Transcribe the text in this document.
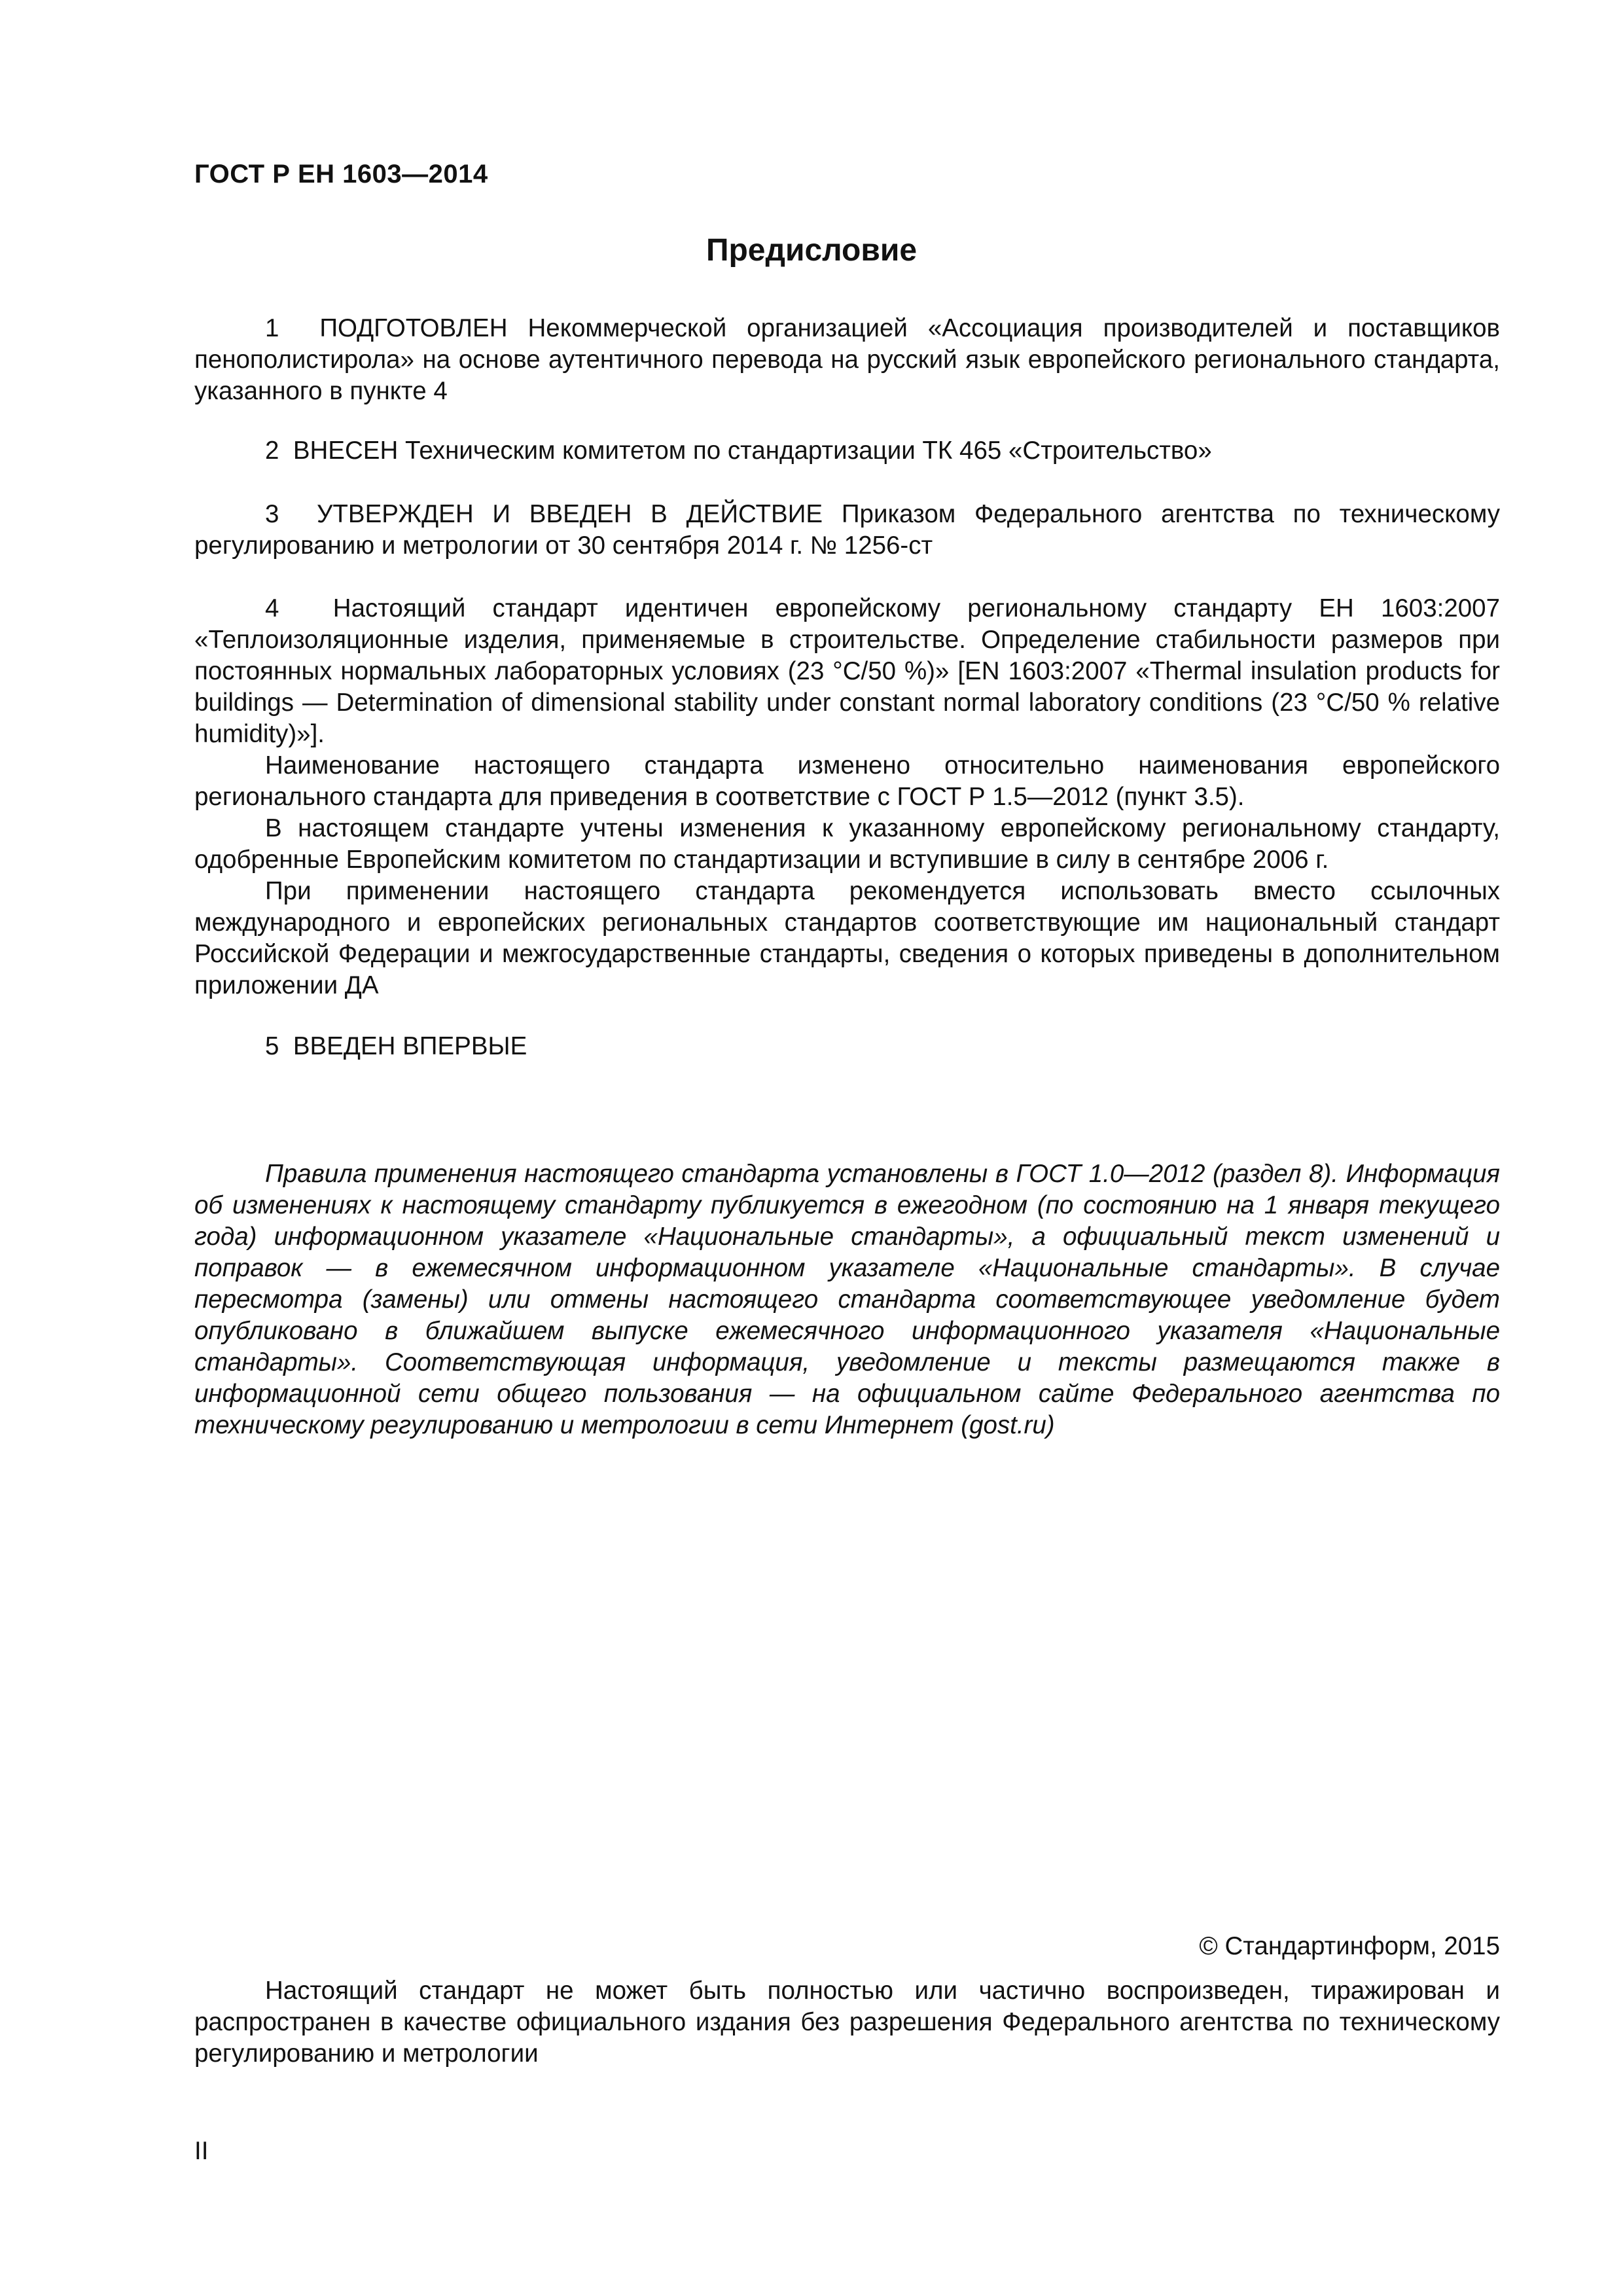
ГОСТ Р ЕН 1603—2014
Предисловие

1 ПОДГОТОВЛЕН Некоммерческой организацией «Ассоциация производителей и поставщиков пенополистирола» на основе аутентичного перевода на русский язык европейского регионального стандарта, указанного в пункте 4

2 ВНЕСЕН Техническим комитетом по стандартизации ТК 465 «Строительство»

3 УТВЕРЖДЕН И ВВЕДЕН В ДЕЙСТВИЕ Приказом Федерального агентства по техническому регулированию и метрологии от 30 сентября 2014 г. № 1256-ст

4 Настоящий стандарт идентичен европейскому региональному стандарту ЕН 1603:2007 «Теплоизоляционные изделия, применяемые в строительстве. Определение стабильности размеров при постоянных нормальных лабораторных условиях (23 °С/50 %)» [EN 1603:2007 «Thermal insulation products for buildings — Determination of dimensional stability under constant normal laboratory conditions (23 °C/50 % relative humidity)»].

Наименование настоящего стандарта изменено относительно наименования европейского регионального стандарта для приведения в соответствие с ГОСТ Р 1.5—2012 (пункт 3.5).

В настоящем стандарте учтены изменения к указанному европейскому региональному стандарту, одобренные Европейским комитетом по стандартизации и вступившие в силу в сентябре 2006 г.

При применении настоящего стандарта рекомендуется использовать вместо ссылочных международного и европейских региональных стандартов соответствующие им национальный стандарт Российской Федерации и межгосударственные стандарты, сведения о которых приведены в дополнительном приложении ДА

5 ВВЕДЕН ВПЕРВЫЕ

Правила применения настоящего стандарта установлены в ГОСТ 1.0—2012 (раздел 8). Информация об изменениях к настоящему стандарту публикуется в ежегодном (по состоянию на 1 января текущего года) информационном указателе «Национальные стандарты», а официальный текст изменений и поправок — в ежемесячном информационном указателе «Национальные стандарты». В случае пересмотра (замены) или отмены настоящего стандарта соответствующее уведомление будет опубликовано в ближайшем выпуске ежемесячного информационного указателя «Национальные стандарты». Соответствующая информация, уведомление и тексты размещаются также в информационной сети общего пользования — на официальном сайте Федерального агентства по техническому регулированию и метрологии в сети Интернет (gost.ru)

© Стандартинформ, 2015

Настоящий стандарт не может быть полностью или частично воспроизведен, тиражирован и распространен в качестве официального издания без разрешения Федерального агентства по техническому регулированию и метрологии

II
